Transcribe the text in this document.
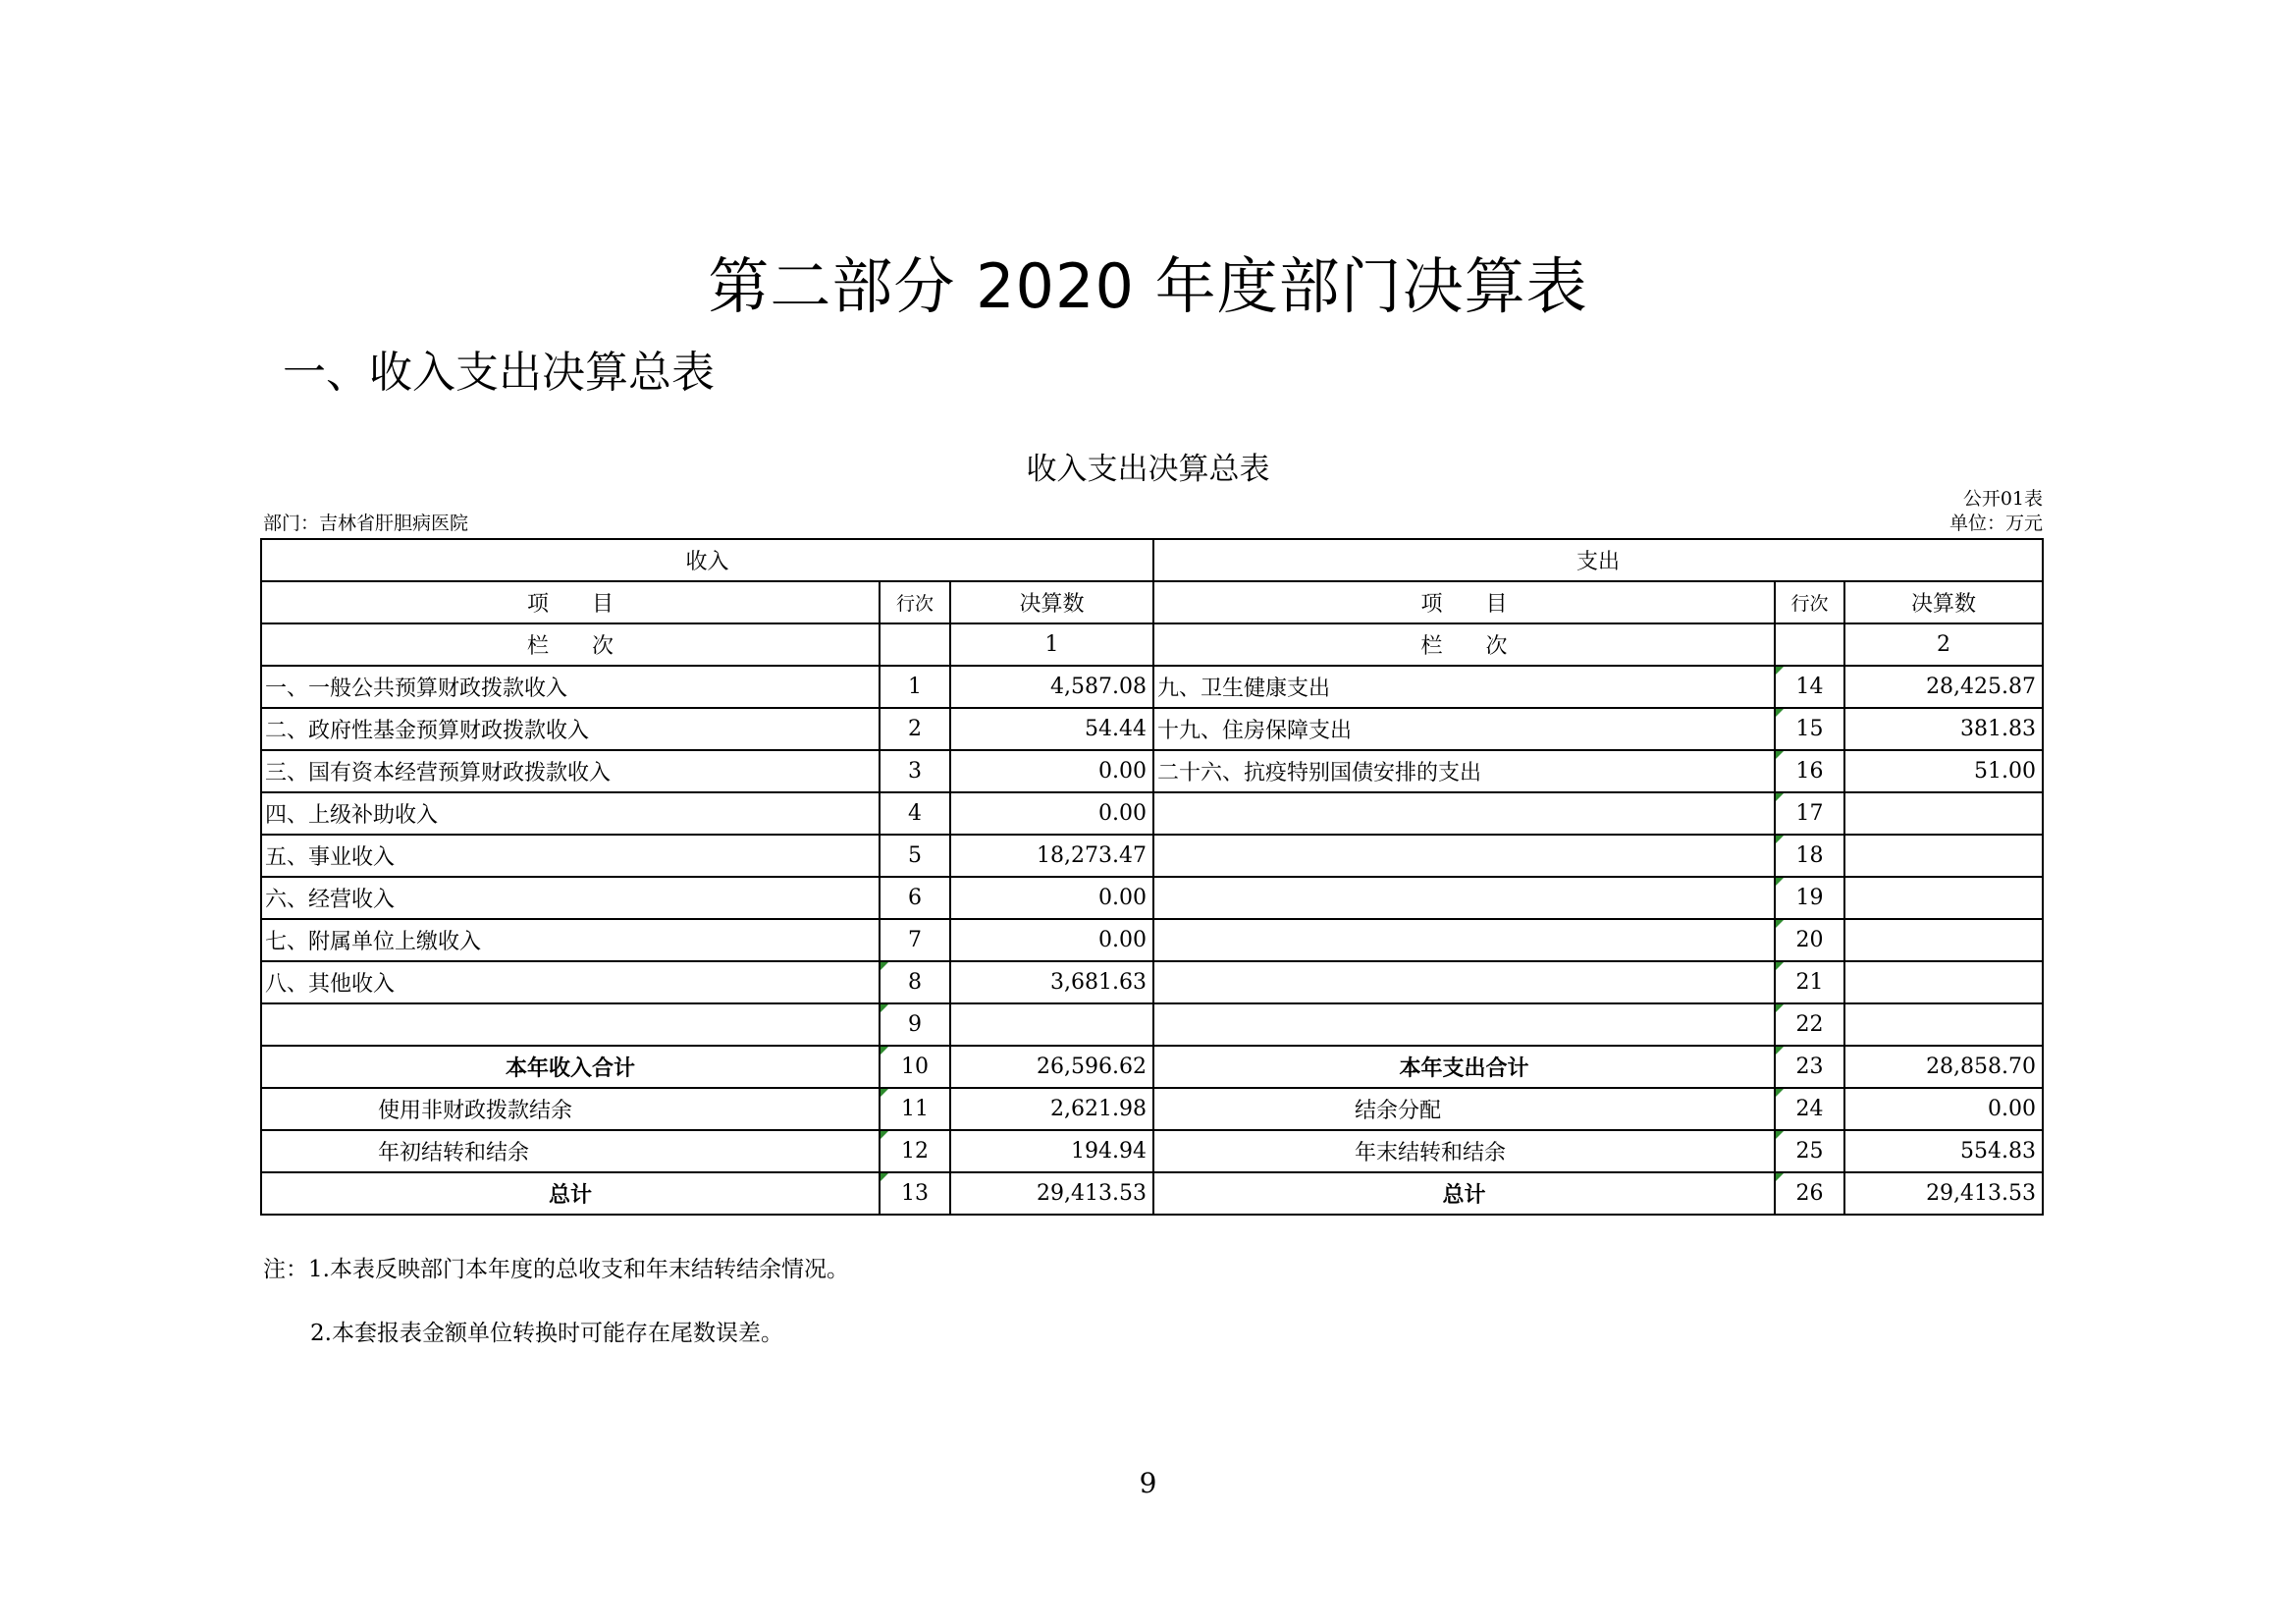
第二部分 2020 年度部门决算表
一、收入支出决算总表
收入支出决算总表
公开01表
部门：吉林省肝胆病医院	单位：万元
收入			支出		
项　　目	行次	决算数	项　　目	行次	决算数
栏　　次		1	栏　　次		2
一、一般公共预算财政拨款收入	1	4,587.08	九、卫生健康支出	14	28,425.87
二、政府性基金预算财政拨款收入	2	54.44	十九、住房保障支出	15	381.83
三、国有资本经营预算财政拨款收入	3	0.00	二十六、抗疫特别国债安排的支出	16	51.00
四、上级补助收入	4	0.00		17	
五、事业收入	5	18,273.47		18	
六、经营收入	6	0.00		19	
七、附属单位上缴收入	7	0.00		20	
八、其他收入	8	3,681.63		21	
	9			22	
本年收入合计	10	26,596.62	本年支出合计	23	28,858.70
使用非财政拨款结余	11	2,621.98	结余分配	24	0.00
年初结转和结余	12	194.94	年末结转和结余	25	554.83
总计	13	29,413.53	总计	26	29,413.53
注：1.本表反映部门本年度的总收支和年末结转结余情况。
2.本套报表金额单位转换时可能存在尾数误差。
9
